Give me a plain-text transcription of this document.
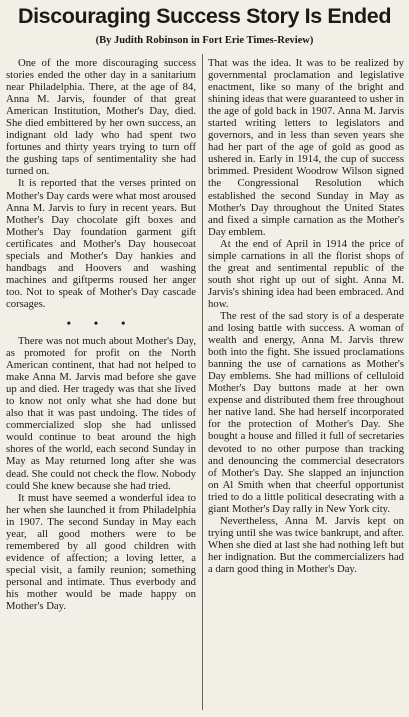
Discouraging Success Story Is Ended
(By Judith Robinson in Fort Erie Times-Review)

One of the more discouraging success stories ended the other day in a sanitarium near Philadelphia. There, at the age of 84, Anna M. Jarvis, founder of that great American Institution, Mother's Day, died. She died embittered by her own success, an indignant old lady who had spent two fortunes and thirty years trying to turn off the gushing taps of sentimentality she had turned on.

It is reported that the verses printed on Mother's Day cards were what most aroused Anna M. Jarvis to fury in recent years. But Mother's Day chocolate gift boxes and Mother's Day foundation garment gift certificates and Mother's Day housecoat specials and Mother's Day hankies and handbags and Hoovers and washing machines and giftperms roused her anger too. Not to speak of Mother's Day cascade corsages.

• • •

There was not much about Mother's Day, as promoted for profit on the North American continent, that had not helped to make Anna M. Jarvis mad before she gave up and died. Her tragedy was that she lived to know not only what she had done but also that it was past undoing. The tides of commercialized slop she had unlissed would continue to beat around the high shores of the world, each second Sunday in May as May returned long after she was dead. She could not check the flow. Nobody could She knew because she had tried.

It must have seemed a wonderful idea to her when she launched it from Philadelphia in 1907. The second Sunday in May each year, all good mothers were to be remembered by all good children with evidence of affection; a loving letter, a special visit, a family reunion; something personal and intimate. Thus everbody and his mother would be made happy on Mother's Day.

That was the idea. It was to be realized by governmental proclamation and legislative enactment, like so many of the bright and shining ideas that were guaranteed to usher in the age of gold back in 1907. Anna M. Jarvis started writing letters to legislators and governors, and in less than seven years she had her part of the age of gold as good as ushered in. Early in 1914, the cup of success brimmed. President Woodrow Wilson signed the Congressional Resolution which established the second Sunday in May as Mother's Day throughout the United States and fixed a simple carnation as the Mother's Day emblem.

At the end of April in 1914 the price of simple carnations in all the florist shops of the great and sentimental republic of the south shot right up out of sight. Anna M. Jarvis's shining idea had been embraced. And how.

The rest of the sad story is of a desperate and losing battle with success. A woman of wealth and energy, Anna M. Jarvis threw both into the fight. She issued proclamations banning the use of carnations as Mother's Day emblems. She had millions of celluloid Mother's Day buttons made at her own expense and distributed them free throughout her native land. She had herself incorporated for the protection of Mother's Day. She bought a house and filled it full of secretaries devoted to no other purpose than tracking and denouncing the commercial desecrators of Mother's Day. She slapped an injunction on Al Smith when that cheerful opportunist tried to do a little political desecrating with a giant Mother's Day rally in New York city.

Nevertheless, Anna M. Jarvis kept on trying until she was twice bankrupt, and after. When she died at last she had nothing left but her indignation. But the commercializers had a darn good thing in Mother's Day.
